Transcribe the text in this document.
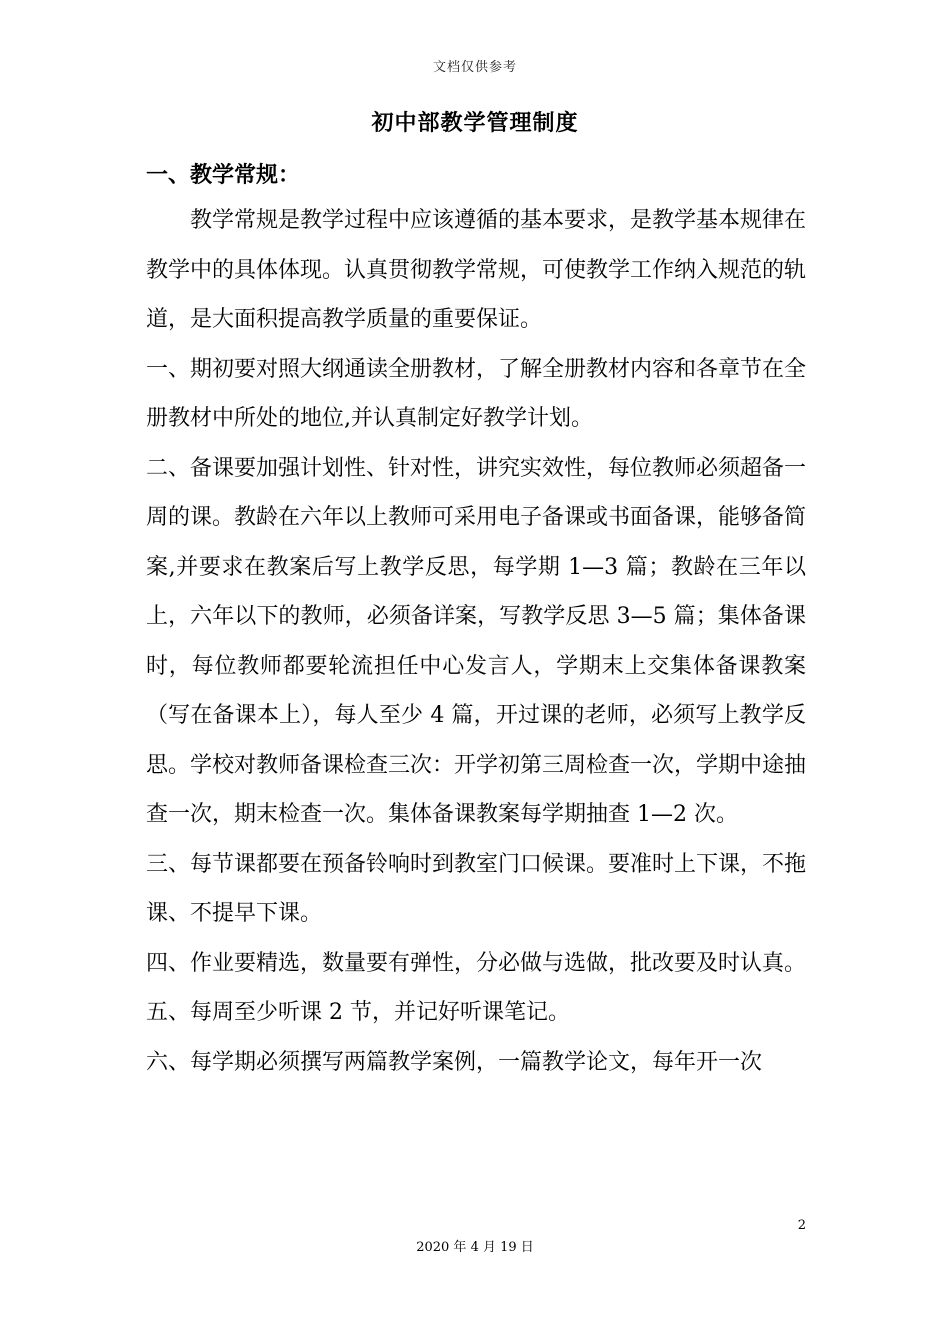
文档仅供参考
初中部教学管理制度
一、教学常规：

教学常规是教学过程中应该遵循的基本要求，是教学基本规律在教学中的具体体现。认真贯彻教学常规，可使教学工作纳入规范的轨道，是大面积提高教学质量的重要保证。

一、期初要对照大纲通读全册教材，了解全册教材内容和各章节在全册教材中所处的地位,并认真制定好教学计划。

二、备课要加强计划性、针对性，讲究实效性，每位教师必须超备一周的课。教龄在六年以上教师可采用电子备课或书面备课，能够备简案,并要求在教案后写上教学反思，每学期 1—3 篇；教龄在三年以上，六年以下的教师，必须备详案，写教学反思 3—5 篇；集体备课时，每位教师都要轮流担任中心发言人，学期末上交集体备课教案（写在备课本上），每人至少 4 篇，开过课的老师，必须写上教学反思。学校对教师备课检查三次：开学初第三周检查一次，学期中途抽查一次，期末检查一次。集体备课教案每学期抽查 1—2 次。

三、每节课都要在预备铃响时到教室门口候课。要准时上下课，不拖课、不提早下课。

四、作业要精选，数量要有弹性，分必做与选做，批改要及时认真。

五、每周至少听课 2 节，并记好听课笔记。

六、每学期必须撰写两篇教学案例，一篇教学论文，每年开一次

2
2020 年 4 月 19 日
